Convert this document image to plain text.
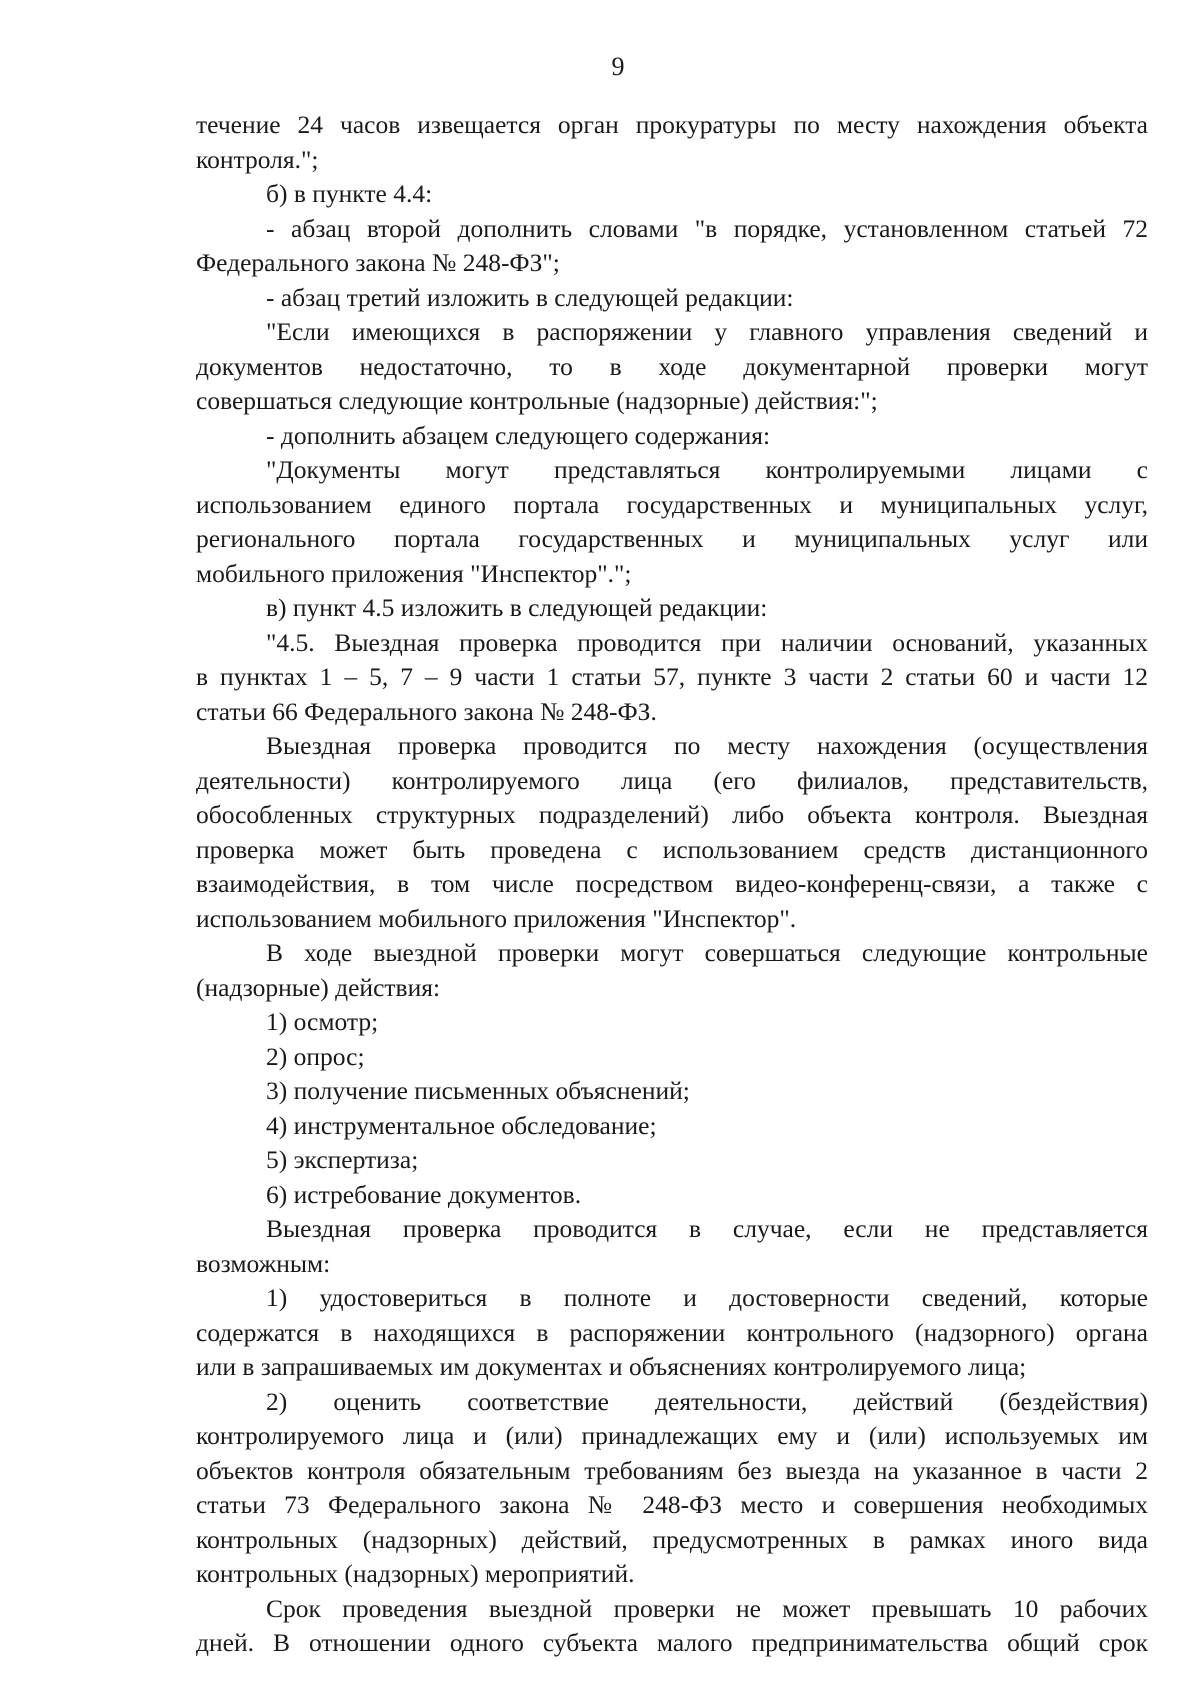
9
течение 24 часов извещается орган прокуратуры по месту нахождения объекта
контроля.";
б) в пункте 4.4:
- абзац второй дополнить словами "в порядке, установленном статьей 72
Федерального закона № 248-ФЗ";
- абзац третий изложить в следующей редакции:
"Если имеющихся в распоряжении у главного управления сведений и
документов недостаточно, то в ходе документарной проверки могут
совершаться следующие контрольные (надзорные) действия:";
- дополнить абзацем следующего содержания:
"Документы могут представляться контролируемыми лицами с
использованием единого портала государственных и муниципальных услуг,
регионального портала государственных и муниципальных услуг или
мобильного приложения "Инспектор".";
в) пункт 4.5 изложить в следующей редакции:
"4.5. Выездная проверка проводится при наличии оснований, указанных
в пунктах 1 – 5, 7 – 9 части 1 статьи 57, пункте 3 части 2 статьи 60 и части 12
статьи 66 Федерального закона № 248-ФЗ.
Выездная проверка проводится по месту нахождения (осуществления
деятельности) контролируемого лица (его филиалов, представительств,
обособленных структурных подразделений) либо объекта контроля. Выездная
проверка может быть проведена с использованием средств дистанционного
взаимодействия, в том числе посредством видео-конференц-связи, а также с
использованием мобильного приложения "Инспектор".
В ходе выездной проверки могут совершаться следующие контрольные
(надзорные) действия:
1) осмотр;
2) опрос;
3) получение письменных объяснений;
4) инструментальное обследование;
5) экспертиза;
6) истребование документов.
Выездная проверка проводится в случае, если не представляется
возможным:
1) удостовериться в полноте и достоверности сведений, которые
содержатся в находящихся в распоряжении контрольного (надзорного) органа
или в запрашиваемых им документах и объяснениях контролируемого лица;
2) оценить соответствие деятельности, действий (бездействия)
контролируемого лица и (или) принадлежащих ему и (или) используемых им
объектов контроля обязательным требованиям без выезда на указанное в части 2
статьи 73 Федерального закона № 248-ФЗ место и совершения необходимых
контрольных (надзорных) действий, предусмотренных в рамках иного вида
контрольных (надзорных) мероприятий.
Срок проведения выездной проверки не может превышать 10 рабочих
дней. В отношении одного субъекта малого предпринимательства общий срок
